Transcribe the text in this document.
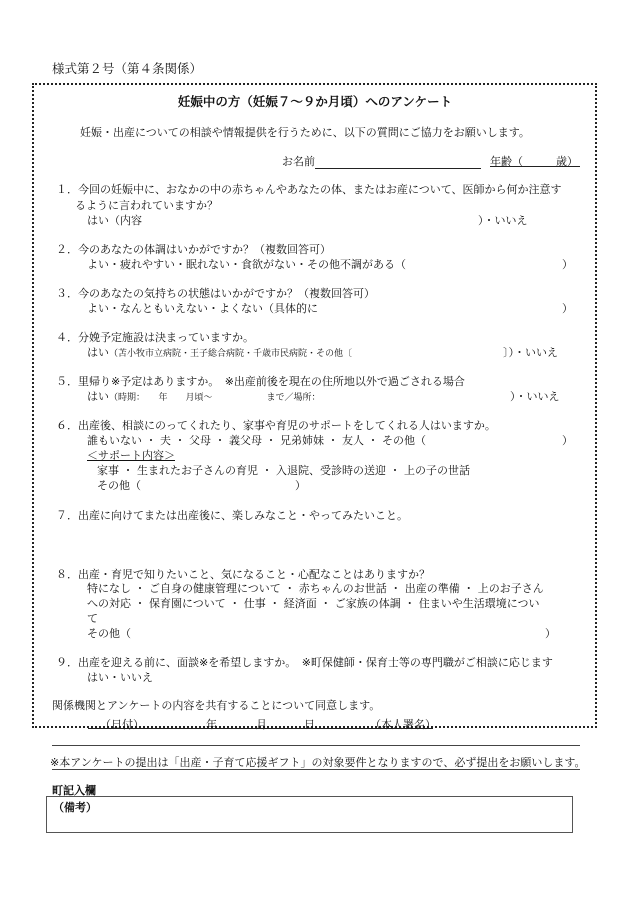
様式第２号（第４条関係）
妊娠中の方（妊娠７～９か月頃）へのアンケート
妊娠・出産についての相談や情報提供を行うために、以下の質問にご協力をお願いします。
お名前	年齢（　　　歳）
１．今回の妊娠中に、おなかの中の赤ちゃんやあなたの体、またはお産について、医師から何か注意す
るように言われていますか？
はい（内容	）・いいえ
２．今のあなたの体調はいかがですか？（複数回答可）
よい・疲れやすい・眠れない・食欲がない・その他不調がある（	）
３．今のあなたの気持ちの状態はいかがですか？（複数回答可）
よい・なんともいえない・よくない（具体的に	）
４．分娩予定施設は決まっていますか。
はい（苫小牧市立病院・王子総合病院・千歳市民病院・その他〔	〕）・いいえ
５．里帰り※予定はありますか。　※出産前後を現在の住所地以外で過ごされる場合
はい（時期：　　年　　月頃～　　　　　　まで／場所：	）・いいえ
６．出産後、相談にのってくれたり、家事や育児のサポートをしてくれる人はいますか。
誰もいない ・ 夫 ・ 父母 ・ 義父母 ・ 兄弟姉妹 ・ 友人 ・ その他（	）
＜サポート内容＞
家事 ・ 生まれたお子さんの育児 ・ 入退院、受診時の送迎 ・ 上の子の世話
その他（　　　　　　　　　　　　　　）
７．出産に向けてまたは出産後に、楽しみなこと・やってみたいこと。
８．出産・育児で知りたいこと、気になること・心配なことはありますか？
特になし ・ ご自身の健康管理について ・ 赤ちゃんのお世話 ・ 出産の準備 ・ 上のお子さん
への対応 ・ 保育園について ・ 仕事 ・ 経済面 ・ ご家族の体調 ・ 住まいや生活環境につい
て
その他（	）
９．出産を迎える前に、面談※を希望しますか。　※町保健師・保育士等の専門職がご相談に応じます
はい・いいえ
関係機関とアンケートの内容を共有することについて同意します。
（日付）	年	月	日	（本人署名）
※本アンケートの提出は「出産・子育て応援ギフト」の対象要件となりますので、必ず提出をお願いします。
町記入欄
（備考）
